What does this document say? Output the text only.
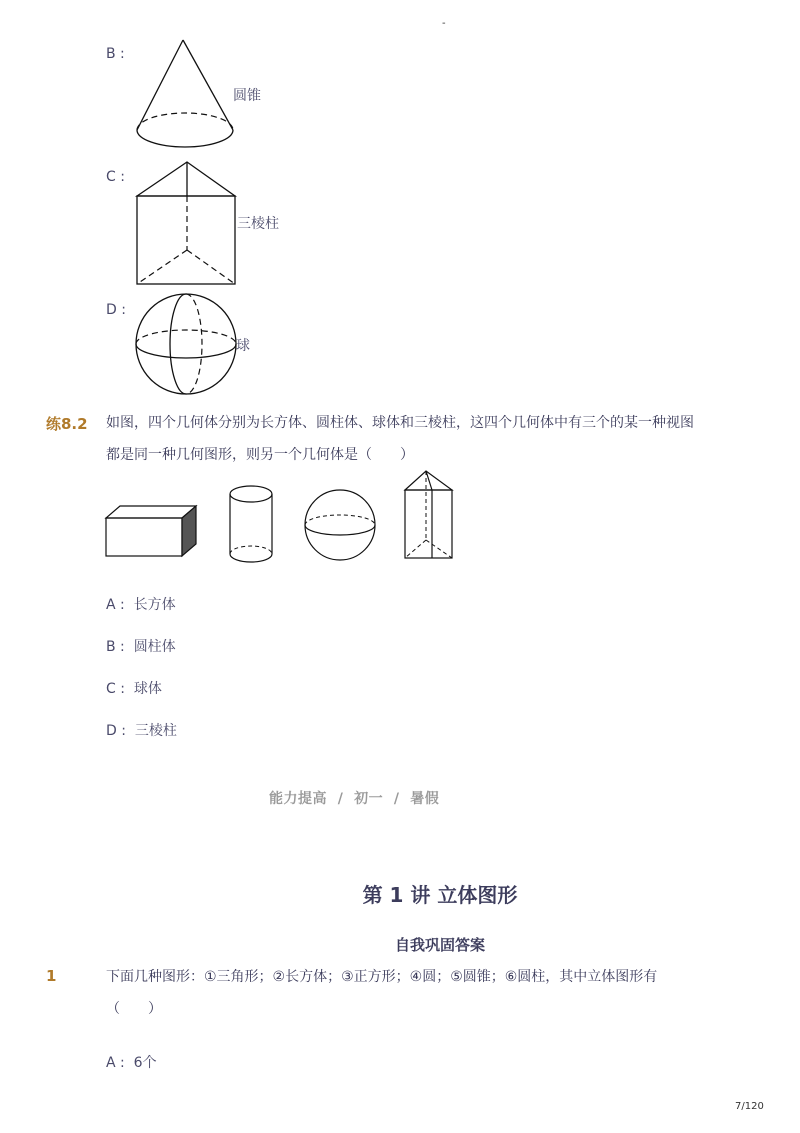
-
B :
圆锥
C :
三棱柱
D :
球
练8.2 如图，四个几何体分别为长方体、圆柱体、球体和三棱柱，这四个几何体中有三个的某一种视图
都是同一种几何图形，则另一个几何体是（　　）
A : 长方体
B : 圆柱体
C : 球体
D : 三棱柱
能力提高 / 初一 / 暑假
第 1 讲 立体图形
自我巩固答案
1	下面几种图形：①三角形；②长方体；③正方形；④圆；⑤圆锥；⑥圆柱，其中立体图形有
（　　）
A : 6个
7/120
